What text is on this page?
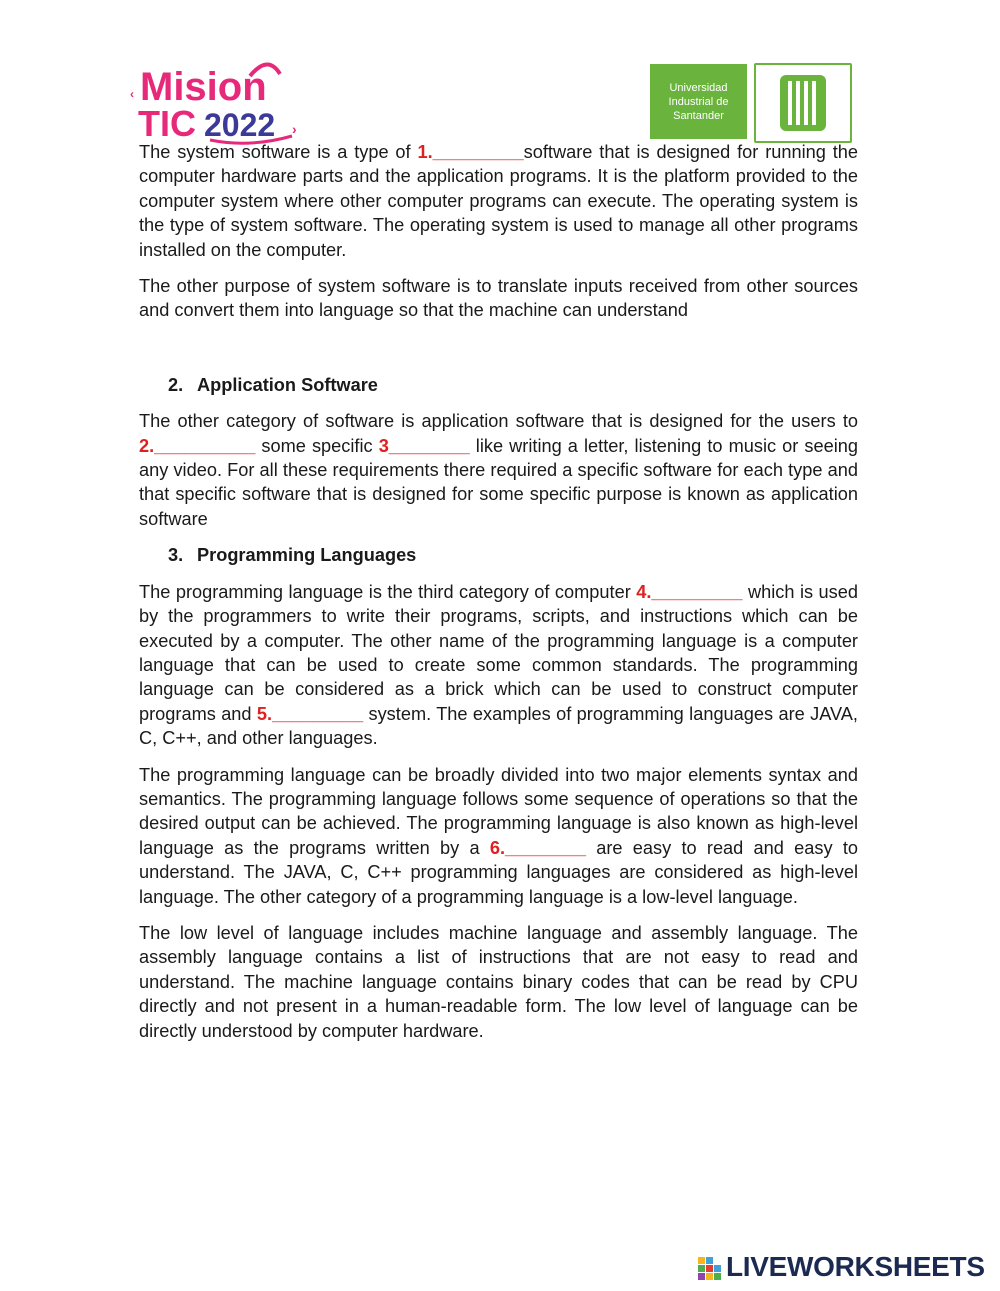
‹ Mision
TIC 2022 ›
Universidad
Industrial de
Santander

The system software is a type of 1._________software that is designed for running the computer hardware parts and the application programs. It is the platform provided to the computer system where other computer programs can execute. The operating system is the type of system software. The operating system is used to manage all other programs installed on the computer.

The other purpose of system software is to translate inputs received from other sources and convert them into language so that the machine can understand

2. Application Software

The other category of software is application software that is designed for the users to 2.__________ some specific 3________ like writing a letter, listening to music or seeing any video. For all these requirements there required a specific software for each type and that specific software that is designed for some specific purpose is known as application software

3. Programming Languages

The programming language is the third category of computer 4._________ which is used by the programmers to write their programs, scripts, and instructions which can be executed by a computer. The other name of the programming language is a computer language that can be used to create some common standards. The programming language can be considered as a brick which can be used to construct computer programs and 5._________ system. The examples of programming languages are JAVA, C, C++, and other languages.

The programming language can be broadly divided into two major elements syntax and semantics. The programming language follows some sequence of operations so that the desired output can be achieved. The programming language is also known as high-level language as the programs written by a 6.________ are easy to read and easy to understand. The JAVA, C, C++ programming languages are considered as high-level language. The other category of a programming language is a low-level language.

The low level of language includes machine language and assembly language. The assembly language contains a list of instructions that are not easy to read and understand. The machine language contains binary codes that can be read by CPU directly and not present in a human-readable form. The low level of language can be directly understood by computer hardware.

LIVEWORKSHEETS
